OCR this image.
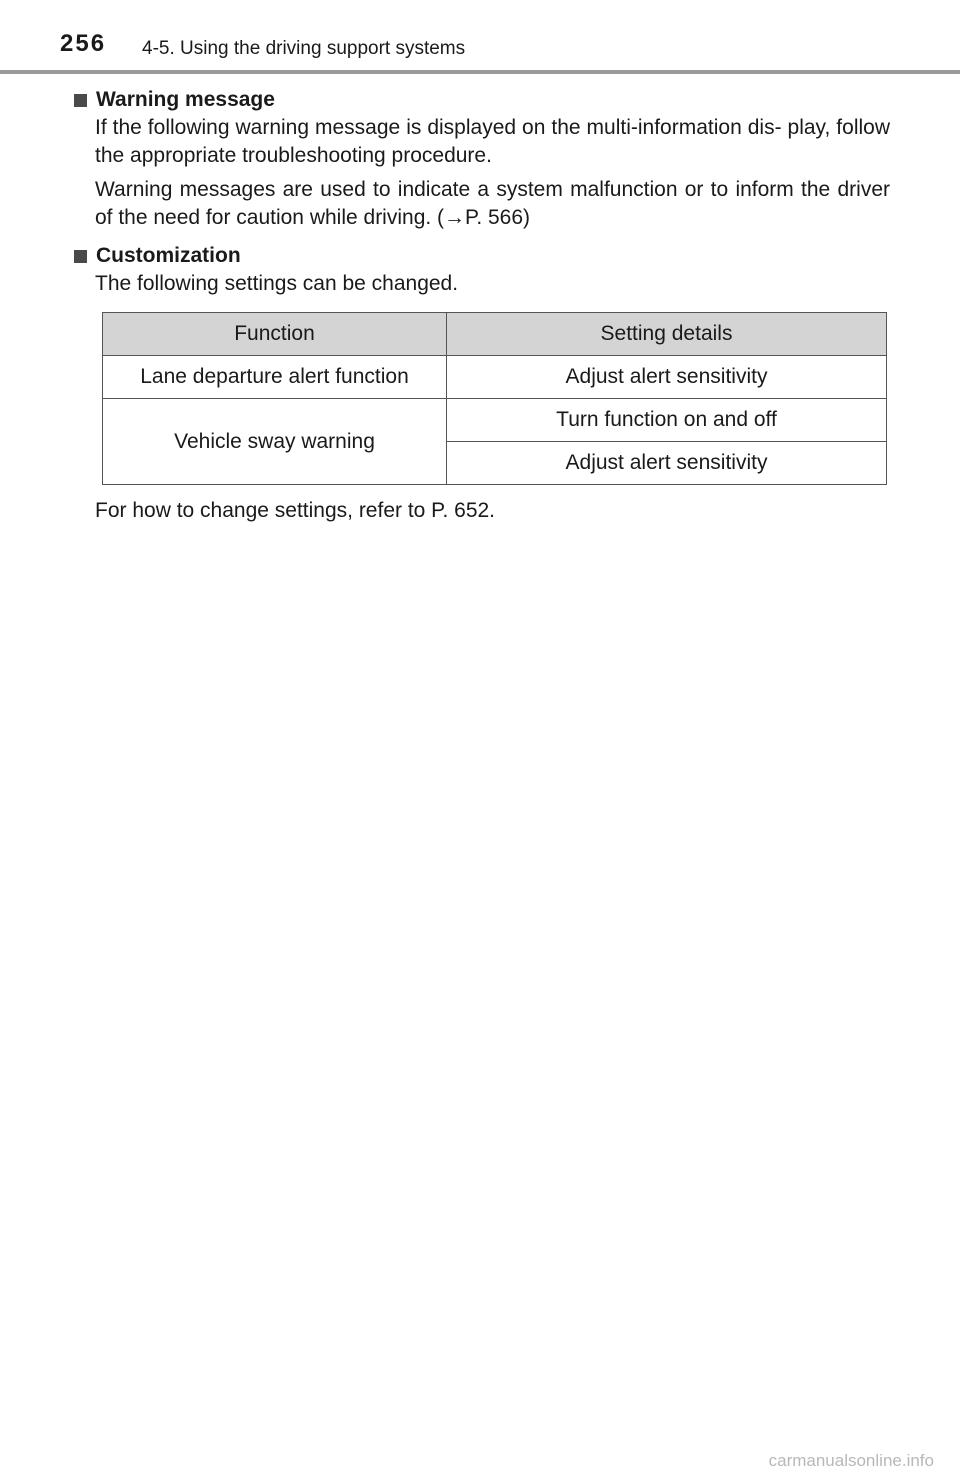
256 4-5. Using the driving support systems
Warning message
If the following warning message is displayed on the multi-information dis- play, follow the appropriate troubleshooting procedure.
Warning messages are used to indicate a system malfunction or to inform the driver of the need for caution while driving. (→P. 566)
Customization
The following settings can be changed.
Function	Setting details
Lane departure alert function	Adjust alert sensitivity
Vehicle sway warning	Turn function on and off
	Adjust alert sensitivity
For how to change settings, refer to P. 652.
carmanualsonline.info
